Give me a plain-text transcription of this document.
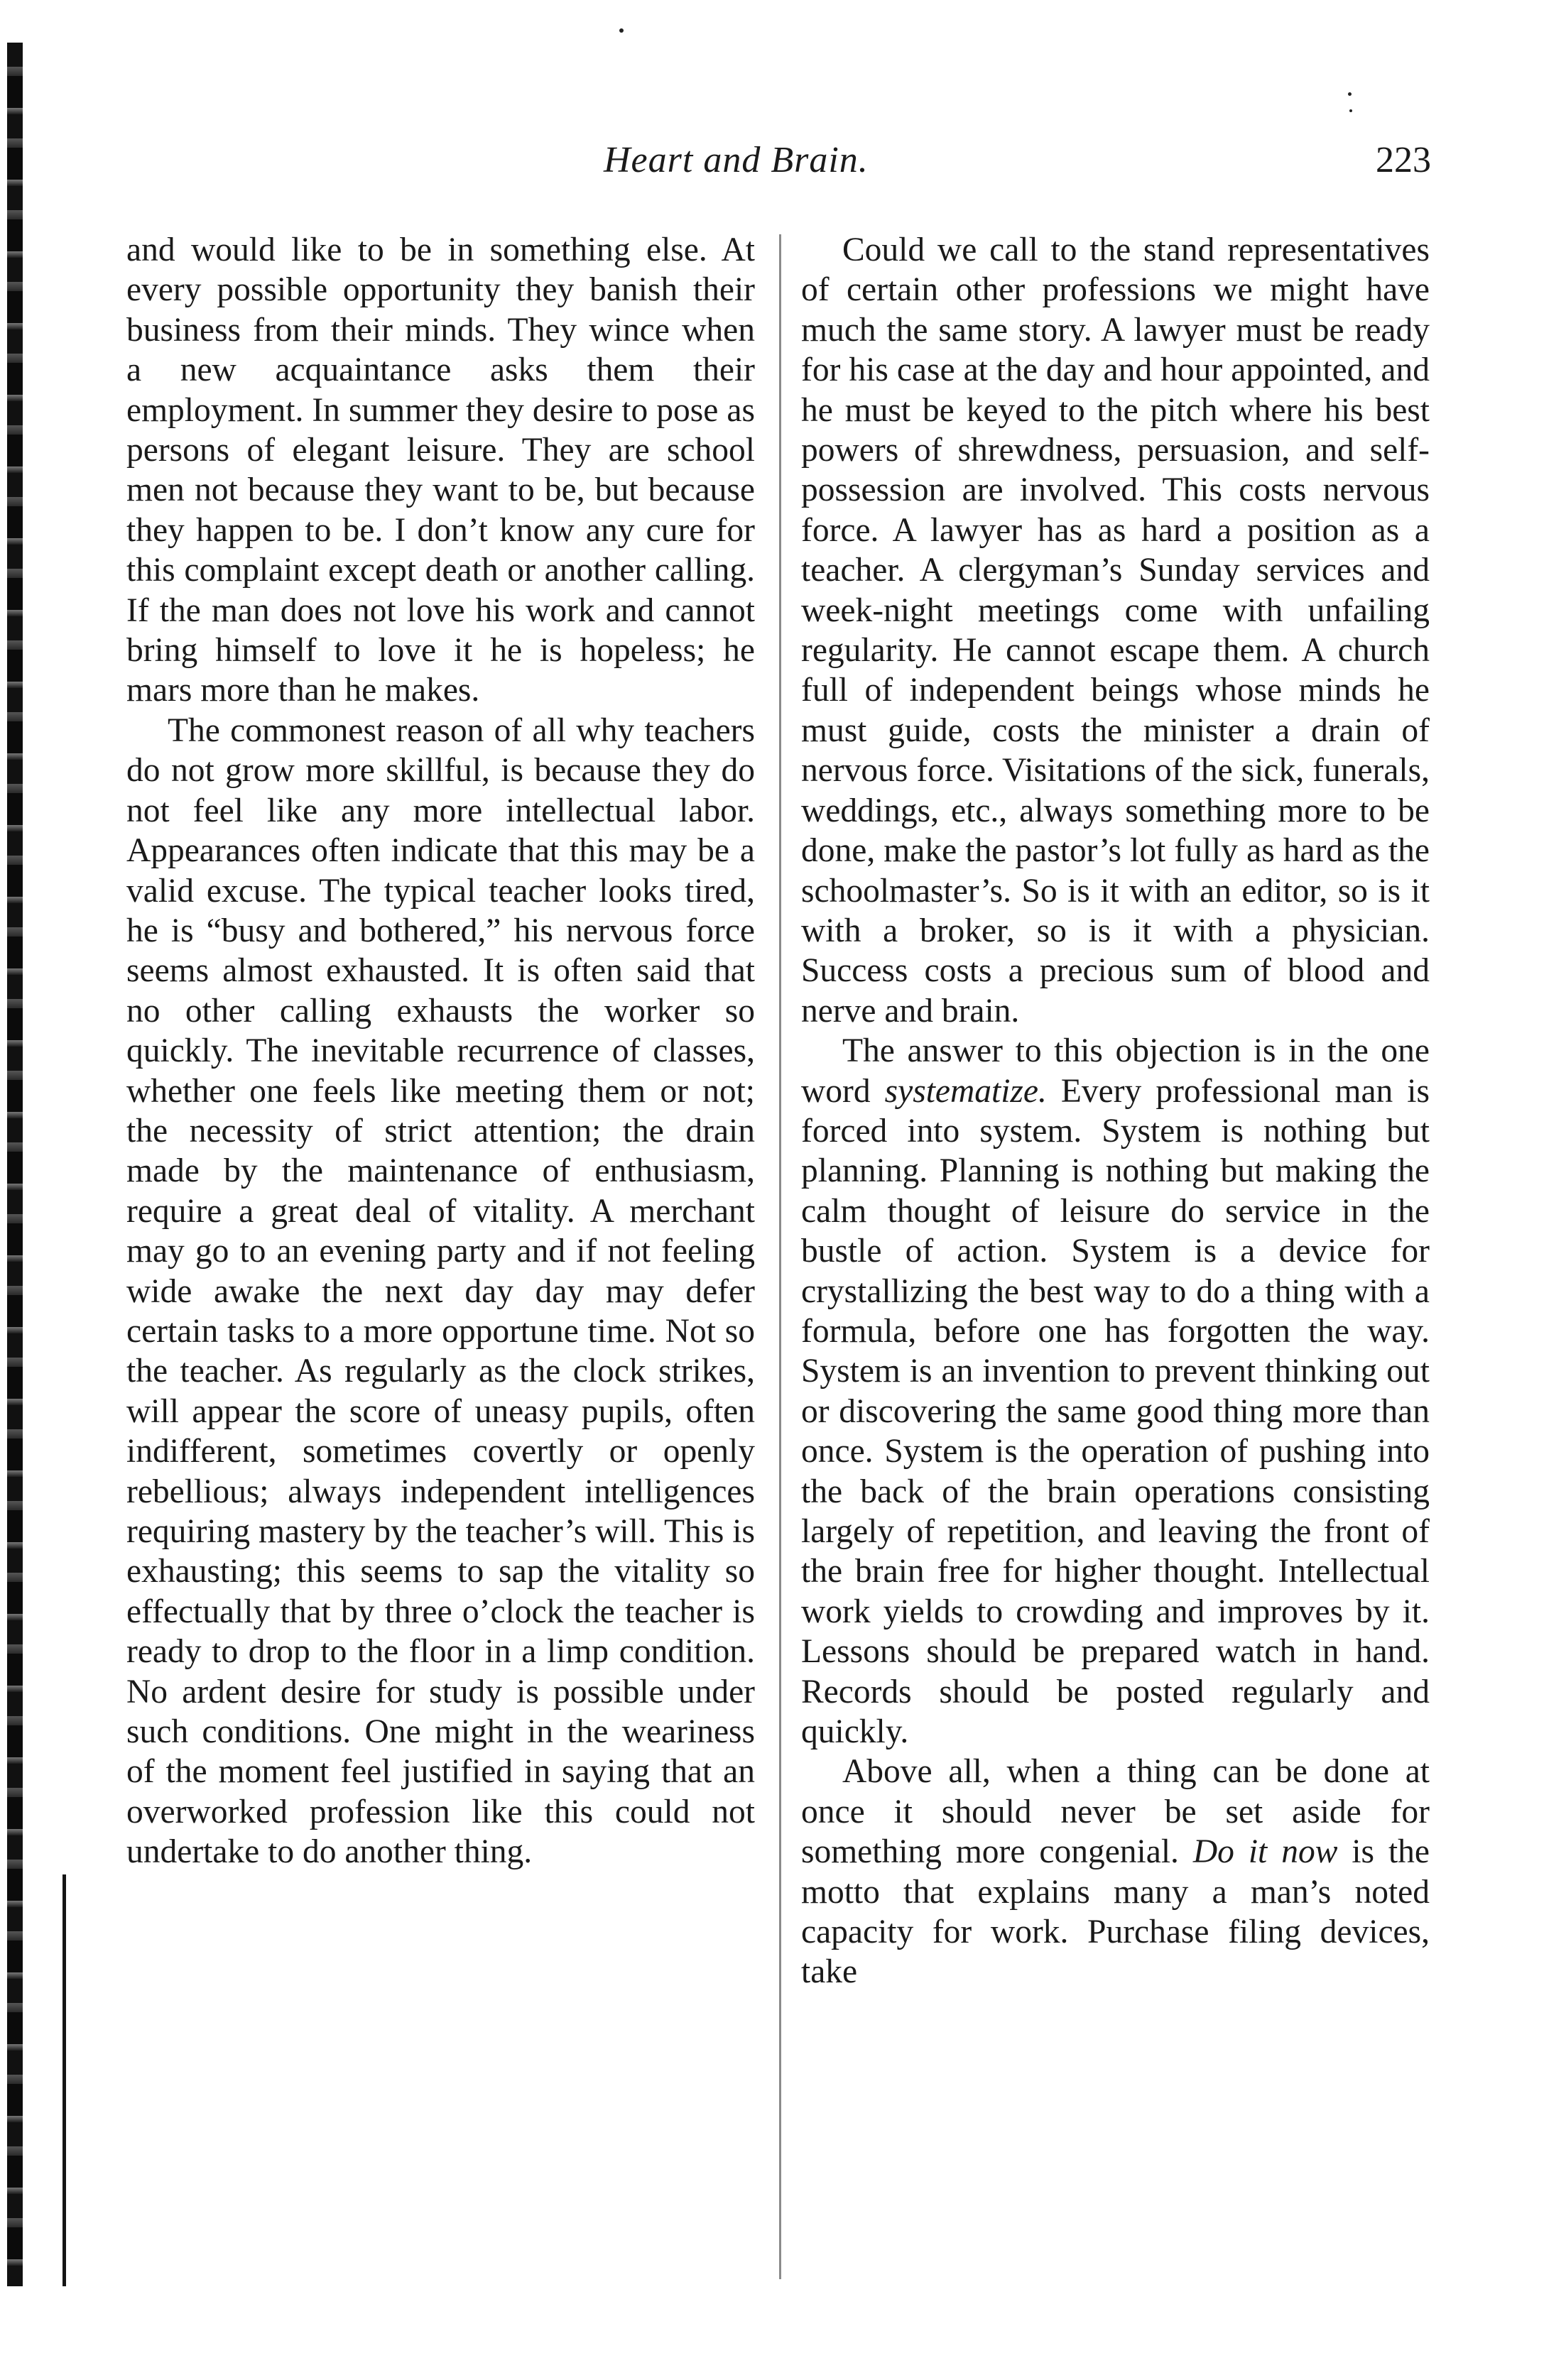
Heart and Brain.	223

and would like to be in something else. At every possible opportunity they banish their business from their minds. They wince when a new acquaintance asks them their employment. In summer they desire to pose as persons of elegant leisure. They are school men not because they want to be, but because they happen to be. I don’t know any cure for this complaint except death or another calling. If the man does not love his work and cannot bring himself to love it he is hopeless; he mars more than he makes.

The commonest reason of all why teachers do not grow more skillful, is because they do not feel like any more intellectual labor. Appearances often indicate that this may be a valid excuse. The typical teacher looks tired, he is “busy and bothered,” his nervous force seems almost exhausted. It is often said that no other calling exhausts the worker so quickly. The inevitable recurrence of classes, whether one feels like meeting them or not; the necessity of strict attention; the drain made by the maintenance of enthusiasm, require a great deal of vitality. A merchant may go to an evening party and if not feeling wide awake the next day day may defer certain tasks to a more opportune time. Not so the teacher. As regularly as the clock strikes, will appear the score of uneasy pupils, often indifferent, sometimes covertly or openly rebellious; always independent intelligences requiring mastery by the teacher’s will. This is exhausting; this seems to sap the vitality so effectually that by three o’clock the teacher is ready to drop to the floor in a limp condition. No ardent desire for study is possible under such conditions. One might in the weariness of the moment feel justified in saying that an overworked profession like this could not undertake to do another thing.

Could we call to the stand representatives of certain other professions we might have much the same story. A lawyer must be ready for his case at the day and hour appointed, and he must be keyed to the pitch where his best powers of shrewdness, persuasion, and self-possession are involved. This costs nervous force. A lawyer has as hard a position as a teacher. A clergyman’s Sunday services and week-night meetings come with unfailing regularity. He cannot escape them. A church full of independent beings whose minds he must guide, costs the minister a drain of nervous force. Visitations of the sick, funerals, weddings, etc., always something more to be done, make the pastor’s lot fully as hard as the schoolmaster’s. So is it with an editor, so is it with a broker, so is it with a physician. Success costs a precious sum of blood and nerve and brain.

The answer to this objection is in the one word systematize. Every professional man is forced into system. System is nothing but planning. Planning is nothing but making the calm thought of leisure do service in the bustle of action. System is a device for crystallizing the best way to do a thing with a formula, before one has forgotten the way. System is an invention to prevent thinking out or discovering the same good thing more than once. System is the operation of pushing into the back of the brain operations consisting largely of repetition, and leaving the front of the brain free for higher thought. Intellectual work yields to crowding and improves by it. Lessons should be prepared watch in hand. Records should be posted regularly and quickly.

Above all, when a thing can be done at once it should never be set aside for something more congenial. Do it now is the motto that explains many a man’s noted capacity for work. Purchase filing devices, take
